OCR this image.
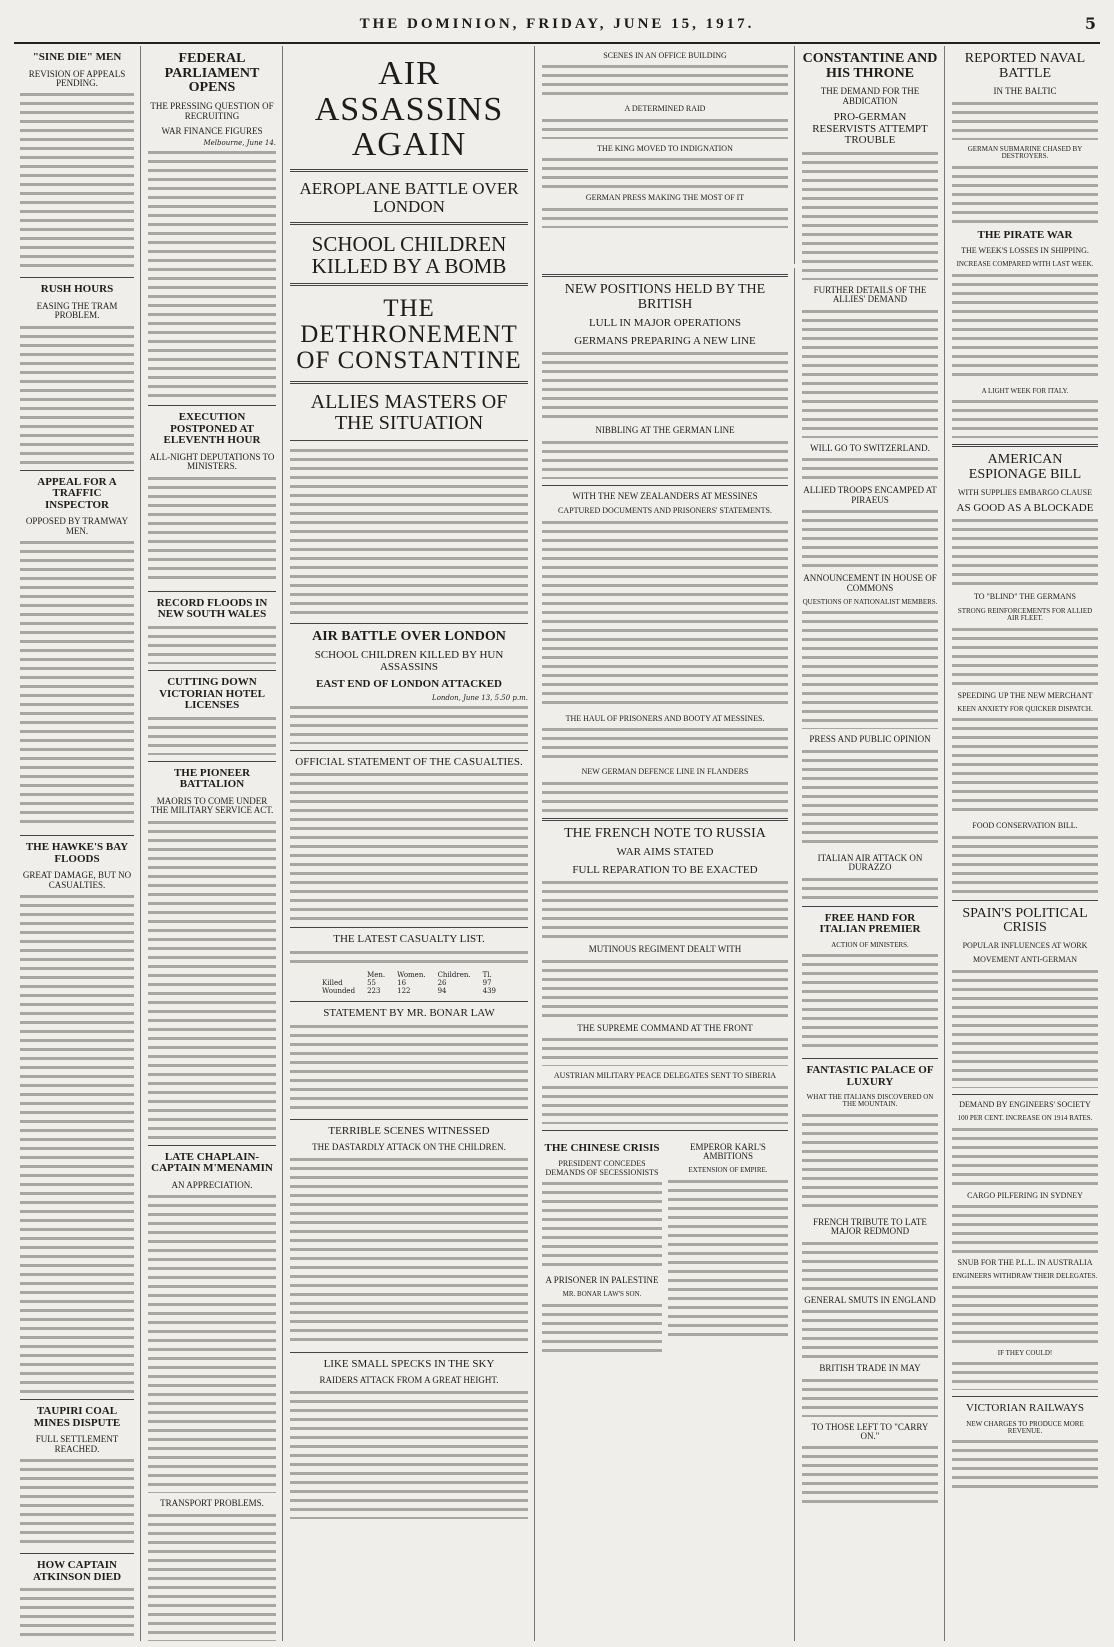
THE DOMINION, FRIDAY, JUNE 15, 1917.	5
"SINE DIE" MEN
REVISION OF APPEALS PENDING.
RUSH HOURS
EASING THE TRAM PROBLEM.
APPEAL FOR A TRAFFIC INSPECTOR
OPPOSED BY TRAMWAY MEN.
THE HAWKE'S BAY FLOODS
GREAT DAMAGE, BUT NO CASUALTIES.
TAUPIRI COAL MINES DISPUTE
FULL SETTLEMENT REACHED.
HOW CAPTAIN ATKINSON DIED
FEDERAL PARLIAMENT OPENS
THE PRESSING QUESTION OF RECRUITING
WAR FINANCE FIGURES
Melbourne, June 14.
EXECUTION POSTPONED AT ELEVENTH HOUR
ALL-NIGHT DEPUTATIONS TO MINISTERS.
RECORD FLOODS IN NEW SOUTH WALES
CUTTING DOWN VICTORIAN HOTEL LICENSES
THE PIONEER BATTALION
MAORIS TO COME UNDER THE MILITARY SERVICE ACT.
LATE CHAPLAIN-CAPTAIN M'MENAMIN
AN APPRECIATION.
TRANSPORT PROBLEMS.
AIR ASSASSINS AGAIN
AEROPLANE BATTLE OVER LONDON
SCHOOL CHILDREN KILLED BY A BOMB
THE DETHRONEMENT OF CONSTANTINE
ALLIES MASTERS OF THE SITUATION
AIR BATTLE OVER LONDON
SCHOOL CHILDREN KILLED BY HUN ASSASSINS
EAST END OF LONDON ATTACKED
London, June 13, 5.50 p.m.
OFFICIAL STATEMENT OF THE CASUALTIES.
THE LATEST CASUALTY LIST.
	Men.	Women.	Children.	Tl.
Killed	55	16	26	97
Wounded	223	122	94	439
STATEMENT BY MR. BONAR LAW
TERRIBLE SCENES WITNESSED
THE DASTARDLY ATTACK ON THE CHILDREN.
LIKE SMALL SPECKS IN THE SKY
RAIDERS ATTACK FROM A GREAT HEIGHT.
SCENES IN AN OFFICE BUILDING
A DETERMINED RAID
THE KING MOVED TO INDIGNATION
GERMAN PRESS MAKING THE MOST OF IT
NEW POSITIONS HELD BY THE BRITISH
LULL IN MAJOR OPERATIONS
GERMANS PREPARING A NEW LINE
NIBBLING AT THE GERMAN LINE
WITH THE NEW ZEALANDERS AT MESSINES
CAPTURED DOCUMENTS AND PRISONERS' STATEMENTS.
THE HAUL OF PRISONERS AND BOOTY AT MESSINES.
NEW GERMAN DEFENCE LINE IN FLANDERS
THE FRENCH NOTE TO RUSSIA
WAR AIMS STATED
FULL REPARATION TO BE EXACTED
MUTINOUS REGIMENT DEALT WITH
THE SUPREME COMMAND AT THE FRONT
AUSTRIAN MILITARY PEACE DELEGATES SENT TO SIBERIA
THE CHINESE CRISIS
PRESIDENT CONCEDES DEMANDS OF SECESSIONISTS
A PRISONER IN PALESTINE
MR. BONAR LAW'S SON.
EMPEROR KARL'S AMBITIONS
EXTENSION OF EMPIRE.
CONSTANTINE AND HIS THRONE
THE DEMAND FOR THE ABDICATION
PRO-GERMAN RESERVISTS ATTEMPT TROUBLE
FURTHER DETAILS OF THE ALLIES' DEMAND
WILL GO TO SWITZERLAND.
ALLIED TROOPS ENCAMPED AT PIRAEUS
ANNOUNCEMENT IN HOUSE OF COMMONS
QUESTIONS OF NATIONALIST MEMBERS.
PRESS AND PUBLIC OPINION
ITALIAN AIR ATTACK ON DURAZZO
FREE HAND FOR ITALIAN PREMIER
ACTION OF MINISTERS.
FANTASTIC PALACE OF LUXURY
WHAT THE ITALIANS DISCOVERED ON THE MOUNTAIN.
FRENCH TRIBUTE TO LATE MAJOR REDMOND
GENERAL SMUTS IN ENGLAND
BRITISH TRADE IN MAY
TO THOSE LEFT TO "CARRY ON."
REPORTED NAVAL BATTLE
IN THE BALTIC
GERMAN SUBMARINE CHASED BY DESTROYERS.
THE PIRATE WAR
THE WEEK'S LOSSES IN SHIPPING.
INCREASE COMPARED WITH LAST WEEK.
A LIGHT WEEK FOR ITALY.
AMERICAN ESPIONAGE BILL
WITH SUPPLIES EMBARGO CLAUSE
AS GOOD AS A BLOCKADE
TO "BLIND" THE GERMANS
STRONG REINFORCEMENTS FOR ALLIED AIR FLEET.
SPEEDING UP THE NEW MERCHANT
KEEN ANXIETY FOR QUICKER DISPATCH.
FOOD CONSERVATION BILL.
SPAIN'S POLITICAL CRISIS
POPULAR INFLUENCES AT WORK
MOVEMENT ANTI-GERMAN
DEMAND BY ENGINEERS' SOCIETY
100 PER CENT. INCREASE ON 1914 RATES.
CARGO PILFERING IN SYDNEY
SNUB FOR THE P.L.L. IN AUSTRALIA
ENGINEERS WITHDRAW THEIR DELEGATES.
IF THEY COULD!
VICTORIAN RAILWAYS
NEW CHARGES TO PRODUCE MORE REVENUE.
